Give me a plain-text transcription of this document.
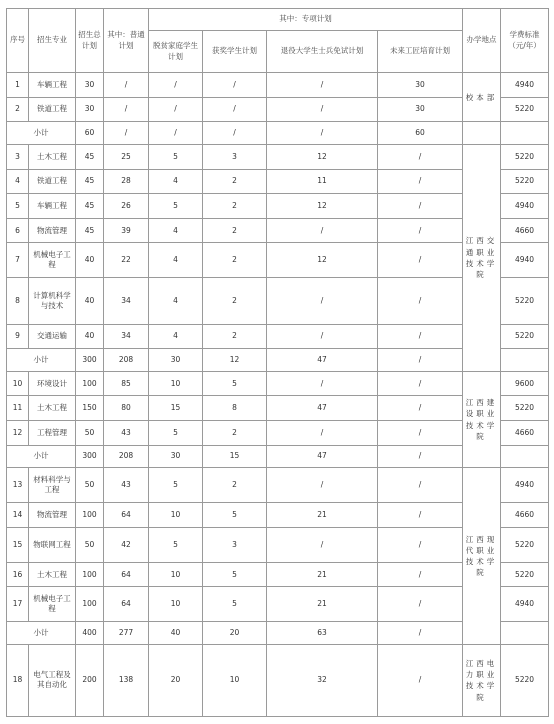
序号	招生专业	招生总计划	其中：普通计划	其中：专项计划				办学地点	学费标准（元/年）
				脱贫家庭学生计划	获奖学生计划	退役大学生士兵免试计划	未来工匠培育计划		
1	车辆工程	30	/	/	/	/	30	校本部	4940
2	铁道工程	30	/	/	/	/	30		5220
小计		60	/	/	/	/	60		
3	土木工程	45	25	5	3	12	/	江西交通职业技术学院	5220
4	铁道工程	45	28	4	2	11	/		5220
5	车辆工程	45	26	5	2	12	/		4940
6	物流管理	45	39	4	2	/	/		4660
7	机械电子工程	40	22	4	2	12	/		4940
8	计算机科学与技术	40	34	4	2	/	/		5220
9	交通运输	40	34	4	2	/	/		5220
小计		300	208	30	12	47	/		
10	环境设计	100	85	10	5	/	/	江西建设职业技术学院	9600
11	土木工程	150	80	15	8	47	/		5220
12	工程管理	50	43	5	2	/	/		4660
小计		300	208	30	15	47	/		
13	材料科学与工程	50	43	5	2	/	/	江西现代职业技术学院	4940
14	物流管理	100	64	10	5	21	/		4660
15	物联网工程	50	42	5	3	/	/		5220
16	土木工程	100	64	10	5	21	/		5220
17	机械电子工程	100	64	10	5	21	/		4940
小计		400	277	40	20	63	/		
18	电气工程及其自动化	200	138	20	10	32	/	江西电力职业技术学院	5220
